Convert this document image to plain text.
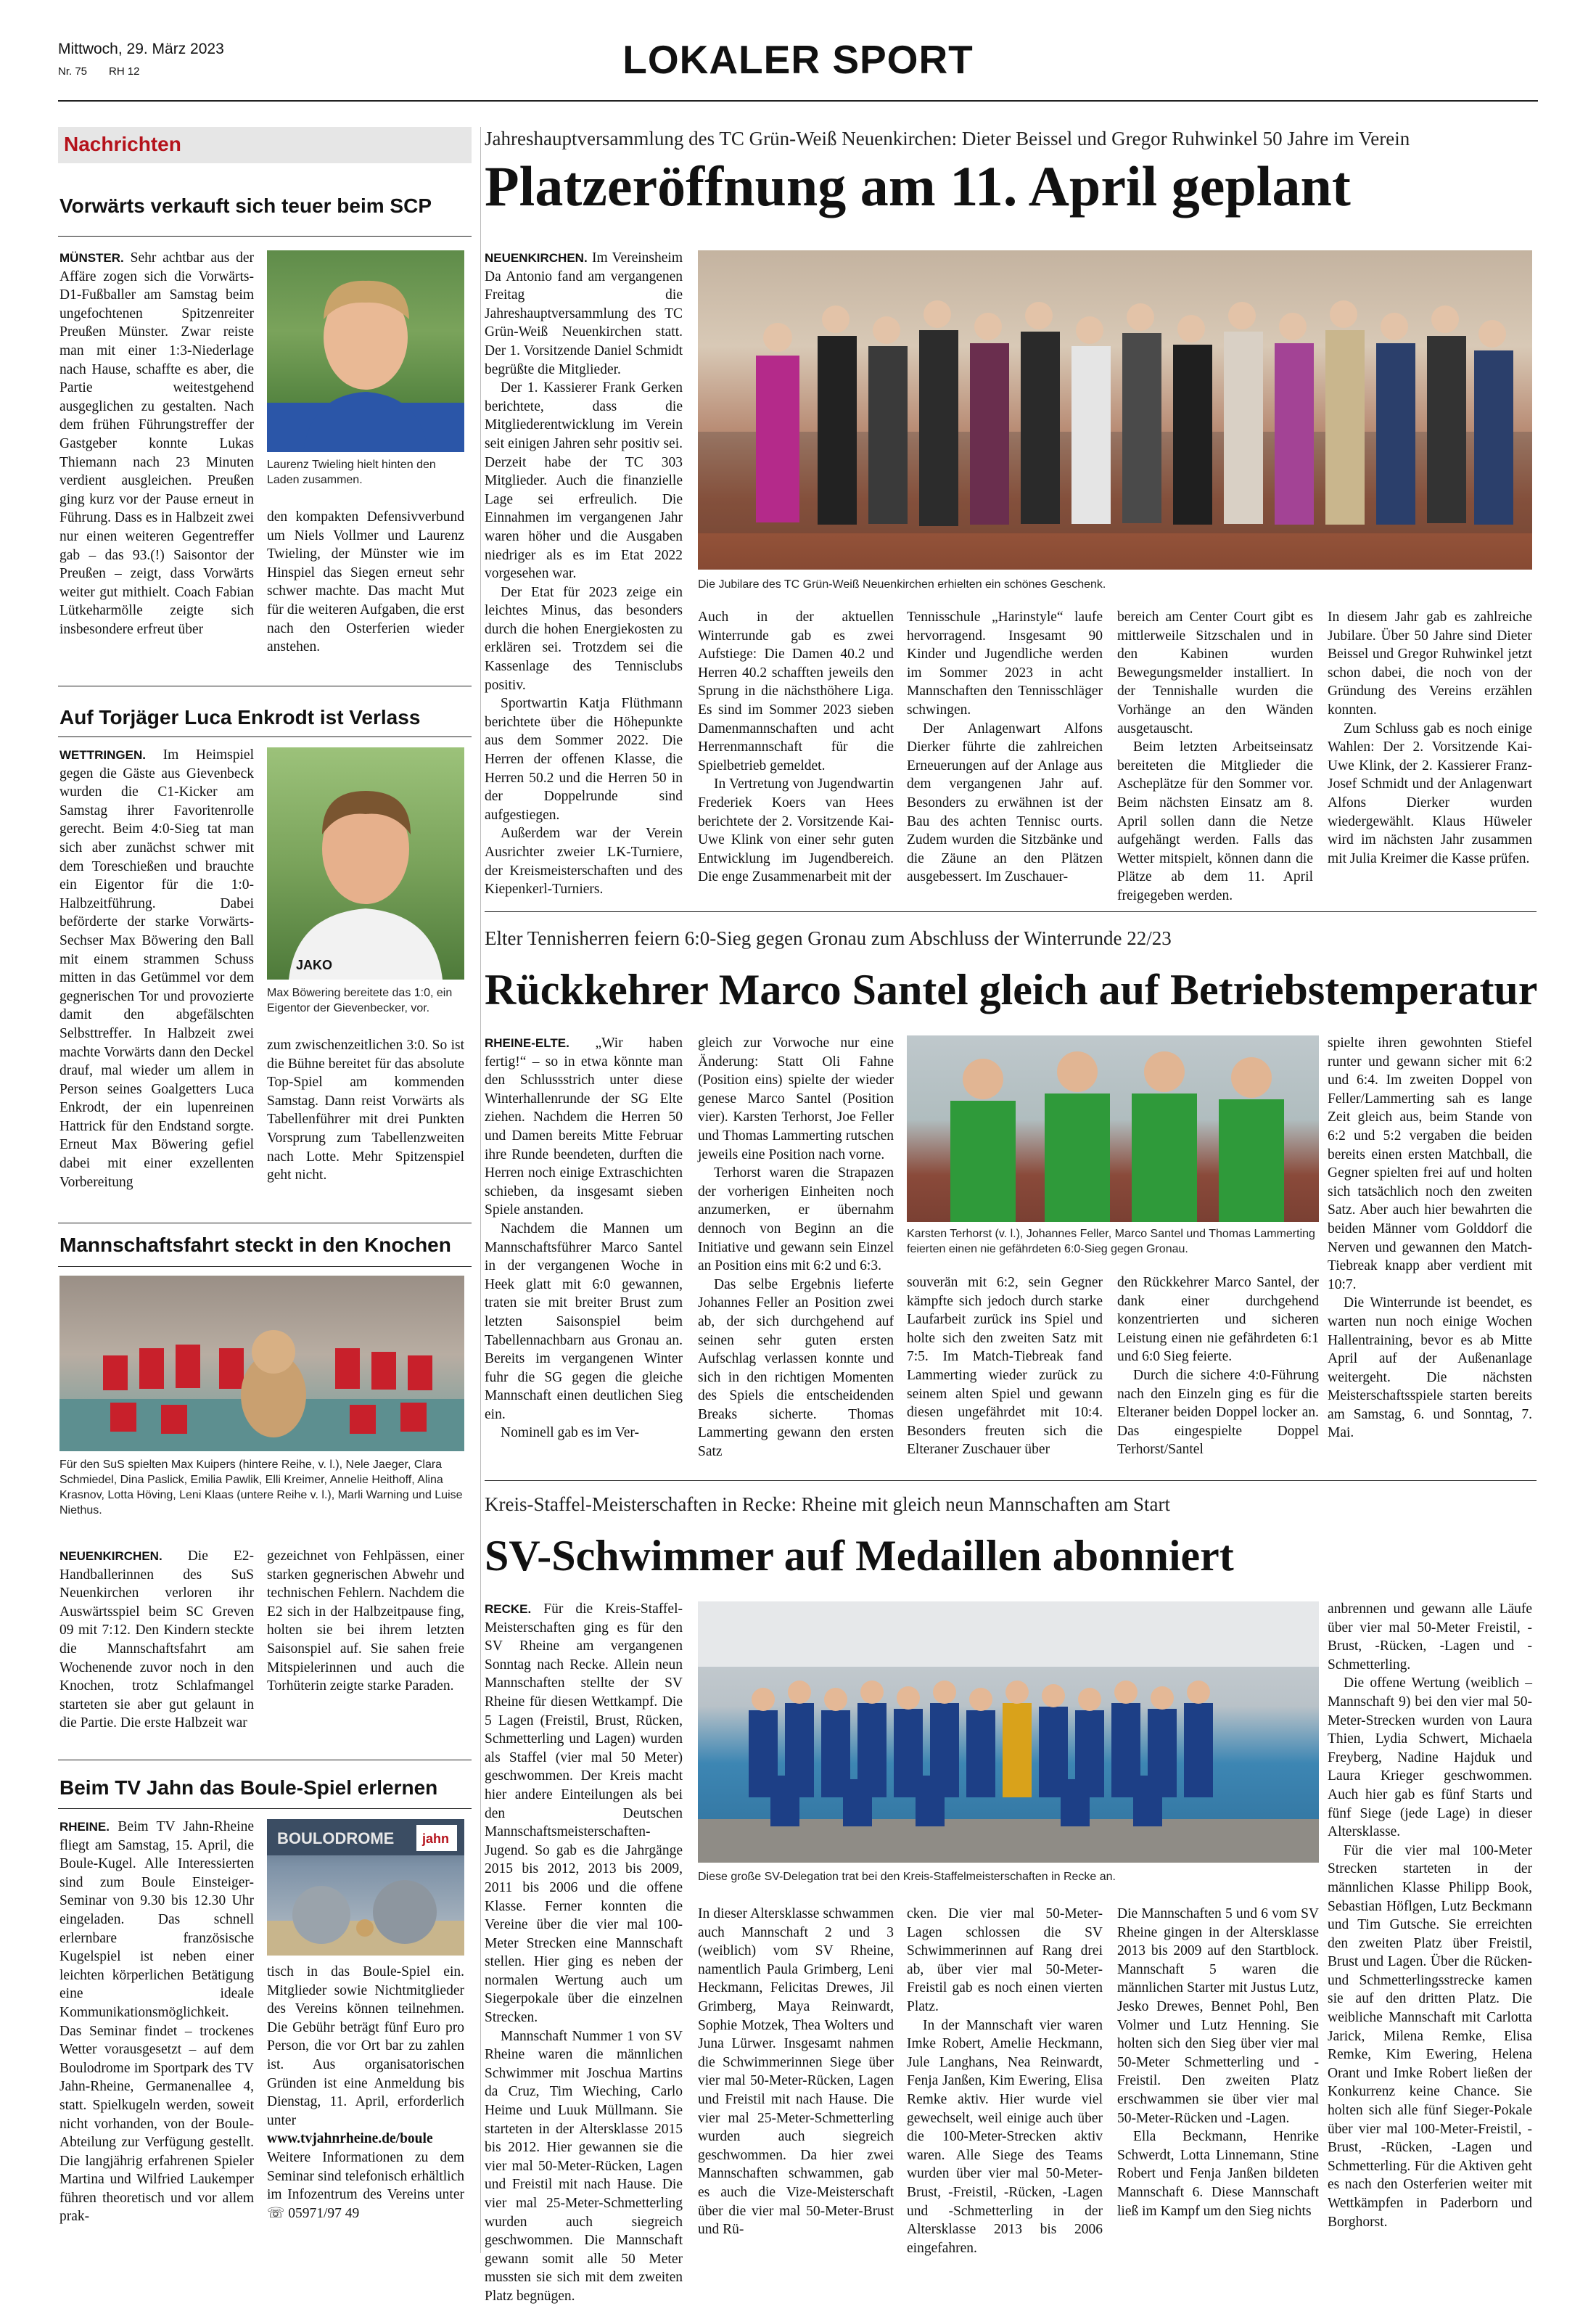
Mittwoch, 29. März 2023
Nr. 75 RH 12	LOKALER SPORT
Nachrichten
Vorwärts verkauft sich teuer beim SCP

MÜNSTER. Sehr achtbar aus der Affäre zogen sich die Vorwärts-D1-Fußballer am Samstag beim ungefochtenen Spitzenreiter Preußen Münster. Zwar reiste man mit einer 1:3-Niederlage nach Hause, schaffte es aber, die Partie weitestgehend ausgeglichen zu gestalten. Nach dem frühen Führungstreffer der Gastgeber konnte Lukas Thiemann nach 23 Minuten verdient ausgleichen. Preußen ging kurz vor der Pause erneut in Führung. Dass es in Halbzeit zwei nur einen weiteren Gegentreffer gab – das 93.(!) Saisontor der Preußen – zeigt, dass Vorwärts weiter gut mithielt. Coach Fabian Lütkeharmölle zeigte sich insbesondere erfreut über

Laurenz Twieling hielt hinten den Laden zusammen.

den kompakten Defensivverbund um Niels Vollmer und Laurenz Twieling, der Münster wie im Hinspiel das Siegen erneut sehr schwer machte. Das macht Mut für die weiteren Aufgaben, die erst nach den Osterferien wieder anstehen.

Auf Torjäger Luca Enkrodt ist Verlass

WETTRINGEN. Im Heimspiel gegen die Gäste aus Gievenbeck wurden die C1-Kicker am Samstag ihrer Favoritenrolle gerecht. Beim 4:0-Sieg tat man sich aber zunächst schwer mit dem Toreschießen und brauchte ein Eigentor für die 1:0-Halbzeitführung. Dabei beförderte der starke Vorwärts-Sechser Max Böwering den Ball mit einem strammen Schuss mitten in das Getümmel vor dem gegnerischen Tor und provozierte damit den abgefälschten Selbsttreffer. In Halbzeit zwei machte Vorwärts dann den Deckel drauf, mal wieder um allem in Person seines Goalgetters Luca Enkrodt, der ein lupenreinen Hattrick für den Endstand sorgte. Erneut Max Böwering gefiel dabei mit einer exzellenten Vorbereitung

JAKO
Max Böwering bereitete das 1:0, ein Eigentor der Gievenbecker, vor.

zum zwischenzeitlichen 3:0. So ist die Bühne bereitet für das absolute Top-Spiel am kommenden Samstag. Dann reist Vorwärts als Tabellenführer mit drei Punkten Vorsprung zum Tabellenzweiten nach Lotte. Mehr Spitzenspiel geht nicht.

Mannschaftsfahrt steckt in den Knochen
Für den SuS spielten Max Kuipers (hintere Reihe, v. l.), Nele Jaeger, Clara Schmiedel, Dina Paslick, Emilia Pawlik, Elli Kreimer, Annelie Heithoff, Alina Krasnov, Lotta Höving, Leni Klaas (untere Reihe v. l.), Marli Warning und Luise Niethus.

NEUENKIRCHEN. Die E2-Handballerinnen des SuS Neuenkirchen verloren ihr Auswärtsspiel beim SC Greven 09 mit 7:12. Den Kindern steckte die Mannschaftsfahrt am Wochenende zuvor noch in den Knochen, trotz Schlafmangel starteten sie aber gut gelaunt in die Partie. Die erste Halbzeit war

gezeichnet von Fehlpässen, einer starken gegnerischen Abwehr und technischen Fehlern. Nachdem die E2 sich in der Halbzeitpause fing, holten sie bei ihrem letzten Saisonspiel auf. Sie sahen freie Mitspielerinnen und auch die Torhüterin zeigte starke Paraden.

Beim TV Jahn das Boule-Spiel erlernen

RHEINE. Beim TV Jahn-Rheine fliegt am Samstag, 15. April, die Boule-Kugel. Alle Interessierten sind zum Boule Einsteiger-Seminar von 9.30 bis 12.30 Uhr eingeladen. Das schnell erlernbare französische Kugelspiel ist neben einer leichten körperlichen Betätigung eine ideale Kommunikationsmöglichkeit. Das Seminar findet – trockenes Wetter vorausgesetzt – auf dem Boulodrome im Sportpark des TV Jahn-Rheine, Germanenallee 4, statt. Spielkugeln werden, soweit nicht vorhanden, von der Boule-Abteilung zur Verfügung gestellt. Die langjährig erfahrenen Spieler Martina und Wilfried Laukemper führen theoretisch und vor allem prak-

BOULODROME jahn

tisch in das Boule-Spiel ein. Mitglieder sowie Nichtmitglieder des Vereins können teilnehmen. Die Gebühr beträgt fünf Euro pro Person, die vor Ort bar zu zahlen ist. Aus organisatorischen Gründen ist eine Anmeldung bis Dienstag, 11. April, erforderlich unter www.tvjahnrheine.de/boule Weitere Informationen zu dem Seminar sind telefonisch erhältlich im Infozentrum des Vereins unter ☏ 05971/97 49

Jahreshauptversammlung des TC Grün-Weiß Neuenkirchen: Dieter Beissel und Gregor Ruhwinkel 50 Jahre im Verein
Platzeröffnung am 11. April geplant

NEUENKIRCHEN. Im Vereinsheim Da Antonio fand am vergangenen Freitag die Jahreshauptversammlung des TC Grün-Weiß Neuenkirchen statt. Der 1. Vorsitzende Daniel Schmidt begrüßte die Mitglieder.

Der 1. Kassierer Frank Gerken berichtete, dass die Mitgliederentwicklung im Verein seit einigen Jahren sehr positiv sei. Derzeit habe der TC 303 Mitglieder. Auch die finanzielle Lage sei erfreulich. Die Einnahmen im vergangenen Jahr waren höher und die Ausgaben niedriger als es im Etat 2022 vorgesehen war.

Der Etat für 2023 zeige ein leichtes Minus, das besonders durch die hohen Energiekosten zu erklären sei. Trotzdem sei die Kassenlage des Tennisclubs positiv.

Sportwartin Katja Flüthmann berichtete über die Höhepunkte aus dem Sommer 2022. Die Herren der offenen Klasse, die Herren 50.2 und die Herren 50 in der Doppelrunde sind aufgestiegen.

Außerdem war der Verein Ausrichter zweier LK-Turniere, der Kreismeisterschaften und des Kiepenkerl-Turniers.

Die Jubilare des TC Grün-Weiß Neuenkirchen erhielten ein schönes Geschenk.

Auch in der aktuellen Winterrunde gab es zwei Aufstiege: Die Damen 40.2 und Herren 40.2 schafften jeweils den Sprung in die nächsthöhere Liga. Es sind im Sommer 2023 sieben Damenmannschaften und acht Herrenmannschaft für die Spielbetrieb gemeldet.

In Vertretung von Jugendwartin Frederiek Koers van Hees berichtete der 2. Vorsitzende Kai-Uwe Klink von einer sehr guten Entwicklung im Jugendbereich. Die enge Zusammenarbeit mit der

Tennisschule „Harinstyle“ laufe hervorragend. Insgesamt 90 Kinder und Jugendliche werden im Sommer 2023 in acht Mannschaften den Tennisschläger schwingen.

Der Anlagenwart Alfons Dierker führte die zahlreichen Erneuerungen auf der Anlage aus dem vergangenen Jahr auf. Besonders zu erwähnen ist der Bau des achten Tennisc ourts. Zudem wurden die Sitzbänke und die Zäune an den Plätzen ausgebessert. Im Zuschauer-

bereich am Center Court gibt es mittlerweile Sitzschalen und in den Kabinen wurden Bewegungsmelder installiert. In der Tennishalle wurden die Vorhänge an den Wänden ausgetauscht.

Beim letzten Arbeitseinsatz bereiteten die Mitglieder die Ascheplätze für den Sommer vor. Beim nächsten Einsatz am 8. April sollen dann die Netze aufgehängt werden. Falls das Wetter mitspielt, können dann die Plätze ab dem 11. April freigegeben werden.

In diesem Jahr gab es zahlreiche Jubilare. Über 50 Jahre sind Dieter Beissel und Gregor Ruhwinkel jetzt schon dabei, die noch von der Gründung des Vereins erzählen konnten.

Zum Schluss gab es noch einige Wahlen: Der 2. Vorsitzende Kai-Uwe Klink, der 2. Kassierer Franz-Josef Schmidt und der Anlagenwart Alfons Dierker wurden wiedergewählt. Klaus Hüweler wird im nächsten Jahr zusammen mit Julia Kreimer die Kasse prüfen.

Elter Tennisherren feiern 6:0-Sieg gegen Gronau zum Abschluss der Winterrunde 22/23
Rückkehrer Marco Santel gleich auf Betriebstemperatur

RHEINE-ELTE. „Wir haben fertig!“ – so in etwa könnte man den Schlussstrich unter diese Winterhallenrunde der SG Elte ziehen. Nachdem die Herren 50 und Damen bereits Mitte Februar ihre Runde beendeten, durften die Herren noch einige Extraschichten schieben, da insgesamt sieben Spiele anstanden.

Nachdem die Mannen um Mannschaftsführer Marco Santel in der vergangenen Woche in Heek glatt mit 6:0 gewannen, traten sie mit breiter Brust zum letzten Saisonspiel beim Tabellennachbarn aus Gronau an. Bereits im vergangenen Winter fuhr die SG gegen die gleiche Mannschaft einen deutlichen Sieg ein.

Nominell gab es im Ver-

gleich zur Vorwoche nur eine Änderung: Statt Oli Fahne (Position eins) spielte der wieder genese Marco Santel (Position vier). Karsten Terhorst, Joe Feller und Thomas Lammerting rutschen jeweils eine Position nach vorne.

Terhorst waren die Strapazen der vorherigen Einheiten noch anzumerken, er übernahm dennoch von Beginn an die Initiative und gewann sein Einzel an Position eins mit 6:2 und 6:3.

Das selbe Ergebnis lieferte Johannes Feller an Position zwei ab, der sich durchgehend auf seinen sehr guten ersten Aufschlag verlassen konnte und sich in den richtigen Momenten des Spiels die entscheidenden Breaks sicherte. Thomas Lammerting gewann den ersten Satz

Karsten Terhorst (v. l.), Johannes Feller, Marco Santel und Thomas Lammerting feierten einen nie gefährdeten 6:0-Sieg gegen Gronau.

souverän mit 6:2, sein Gegner kämpfte sich jedoch durch starke Laufarbeit zurück ins Spiel und holte sich den zweiten Satz mit 7:5. Im Match-Tiebreak fand Lammerting wieder zurück zu seinem alten Spiel und gewann diesen ungefährdet mit 10:4. Besonders freuten sich die Elteraner Zuschauer über

den Rückkehrer Marco Santel, der dank einer durchgehend konzentrierten und sicheren Leistung einen nie gefährdeten 6:1 und 6:0 Sieg feierte.

Durch die sichere 4:0-Führung nach den Einzeln ging es für die Elteraner beiden Doppel locker an. Das eingespielte Doppel Terhorst/Santel

spielte ihren gewohnten Stiefel runter und gewann sicher mit 6:2 und 6:4. Im zweiten Doppel von Feller/Lammerting sah es lange Zeit gleich aus, beim Stande von 6:2 und 5:2 vergaben die beiden bereits einen ersten Matchball, die Gegner spielten frei auf und holten sich tatsächlich noch den zweiten Satz. Aber auch hier bewahrten die beiden Männer vom Golddorf die Nerven und gewannen den Match-Tiebreak knapp aber verdient mit 10:7.

Die Winterrunde ist beendet, es warten nun noch einige Wochen Hallentraining, bevor es ab Mitte April auf der Außenanlage weitergeht. Die nächsten Meisterschaftsspiele starten bereits am Samstag, 6. und Sonntag, 7. Mai.

Kreis-Staffel-Meisterschaften in Recke: Rheine mit gleich neun Mannschaften am Start
SV-Schwimmer auf Medaillen abonniert

RECKE. Für die Kreis-Staffel-Meisterschaften ging es für den SV Rheine am vergangenen Sonntag nach Recke. Allein neun Mannschaften stellte der SV Rheine für diesen Wettkampf. Die 5 Lagen (Freistil, Brust, Rücken, Schmetterling und Lagen) wurden als Staffel (vier mal 50 Meter) geschwommen. Der Kreis macht hier andere Einteilungen als bei den Deutschen Mannschaftsmeisterschaften-Jugend. So gab es die Jahrgänge 2015 bis 2012, 2013 bis 2009, 2011 bis 2006 und die offene Klasse. Ferner konnten die Vereine über die vier mal 100-Meter Strecken eine Mannschaft stellen. Hier ging es neben der normalen Wertung auch um Siegerpokale über die einzelnen Strecken.

Mannschaft Nummer 1 von SV Rheine waren die männlichen Schwimmer mit Joschua Martins da Cruz, Tim Wieching, Carlo Heime und Luuk Müllmann. Sie starteten in der Altersklasse 2015 bis 2012. Hier gewannen sie die vier mal 50-Meter-Rücken, Lagen und Freistil mit nach Hause. Die vier mal 25-Meter-Schmetterling wurden auch siegreich geschwommen. Die Mannschaft gewann somit alle 50 Meter mussten sie sich mit dem zweiten Platz begnügen.

Diese große SV-Delegation trat bei den Kreis-Staffelmeisterschaften in Recke an.

In dieser Altersklasse schwammen auch Mannschaft 2 und 3 (weiblich) vom SV Rheine, namentlich Paula Grimberg, Leni Heckmann, Felicitas Drewes, Jil Grimberg, Maya Reinwardt, Sophie Motzek, Thea Wolters und Juna Lürwer. Insgesamt nahmen die Schwimmerinnen Siege über vier mal 50-Meter-Rücken, Lagen und Freistil mit nach Hause. Die vier mal 25-Meter-Schmetterling wurden auch siegreich geschwommen. Da hier zwei Mannschaften schwammen, gab es auch die Vize-Meisterschaft über die vier mal 50-Meter-Brust und Rü-

cken. Die vier mal 50-Meter-Lagen schlossen die SV Schwimmerinnen auf Rang drei ab, über vier mal 50-Meter-Freistil gab es noch einen vierten Platz.

In der Mannschaft vier waren Imke Robert, Amelie Heckmann, Jule Langhans, Nea Reinwardt, Fenja Janßen, Kim Ewering, Elisa Remke aktiv. Hier wurde viel gewechselt, weil einige auch über die 100-Meter-Strecken aktiv waren. Alle Siege des Teams wurden über vier mal 50-Meter-Brust, -Freistil, -Rücken, -Lagen und -Schmetterling in der Altersklasse 2013 bis 2006 eingefahren.

Die Mannschaften 5 und 6 vom SV Rheine gingen in der Altersklasse 2013 bis 2009 auf den Startblock. Mannschaft 5 waren die männlichen Starter mit Justus Lutz, Jesko Drewes, Bennet Pohl, Ben Volmer und Lutz Henning. Sie holten sich den Sieg über vier mal 50-Meter Schmetterling und -Freistil. Den zweiten Platz erschwammen sie über vier mal 50-Meter-Rücken und -Lagen.

Ella Beckmann, Henrike Schwerdt, Lotta Linnemann, Stine Robert und Fenja Janßen bildeten Mannschaft 6. Diese Mannschaft ließ im Kampf um den Sieg nichts

anbrennen und gewann alle Läufe über vier mal 50-Meter Freistil, -Brust, -Rücken, -Lagen und -Schmetterling.

Die offene Wertung (weiblich – Mannschaft 9) bei den vier mal 50-Meter-Strecken wurden von Laura Thien, Lydia Schwert, Michaela Freyberg, Nadine Hajduk und Laura Krieger geschwommen. Auch hier gab es fünf Starts und fünf Siege (jede Lage) in dieser Altersklasse.

Für die vier mal 100-Meter Strecken starteten in der männlichen Klasse Philipp Book, Sebastian Höflgen, Lutz Beckmann und Tim Gutsche. Sie erreichten den zweiten Platz über Freistil, Brust und Lagen. Über die Rücken- und Schmetterlingsstrecke kamen sie auf den dritten Platz. Die weibliche Mannschaft mit Carlotta Jarick, Milena Remke, Elisa Remke, Kim Ewering, Helena Orant und Imke Robert ließen der Konkurrenz keine Chance. Sie holten sich alle fünf Sieger-Pokale über vier mal 100-Meter-Freistil, -Brust, -Rücken, -Lagen und Schmetterling. Für die Aktiven geht es nach den Osterferien weiter mit Wettkämpfen in Paderborn und Borghorst.
